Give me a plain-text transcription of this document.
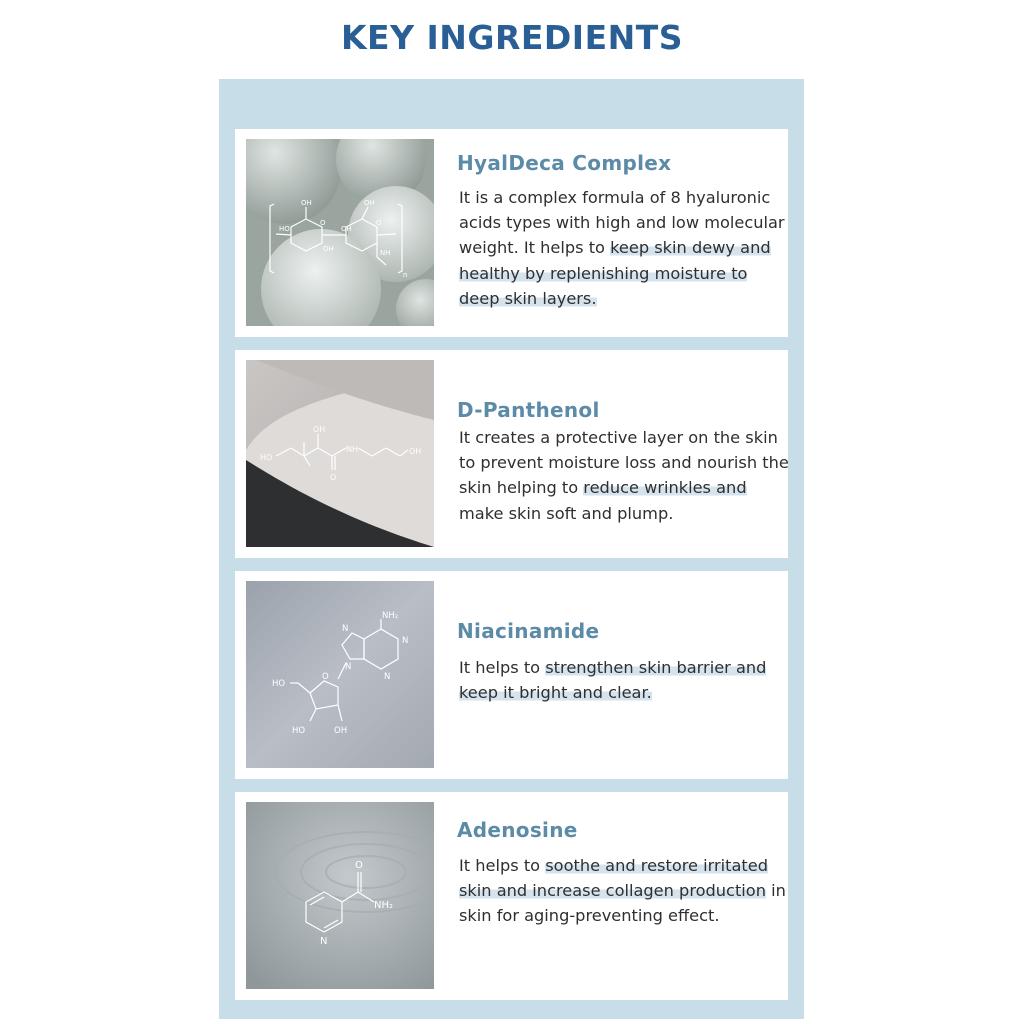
KEY INGREDIENTS
OH	OH
HO
OH
OH
O	O
NH
n
HyalDeca Complex
It is a complex formula of 8 hyaluronic acids types with high and low molecular weight. It helps to keep skin dewy and healthy by replenishing moisture to deep skin layers.
OH
HO
NH	OH
O
D-Panthenol
It creates a protective layer on the skin to prevent moisture loss and nourish the skin helping to reduce wrinkles and make skin soft and plump.
NH₂
N
N
N
N
HO
O
HO	OH
Niacinamide
It helps to strengthen skin barrier and keep it bright and clear.
O
NH₂
N
Adenosine
It helps to soothe and restore irritated skin and increase collagen production in skin for aging-preventing effect.
